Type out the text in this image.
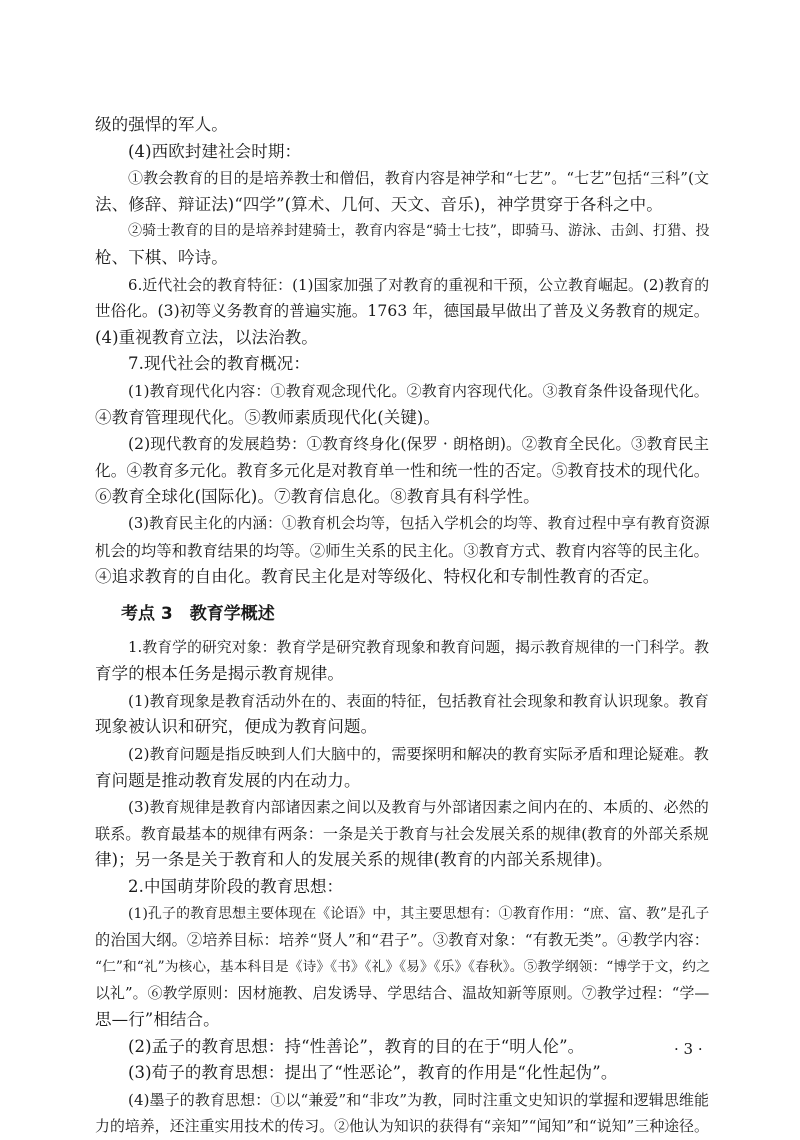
级的强悍的军人。
(4)西欧封建社会时期：
①教会教育的目的是培养教士和僧侣，教育内容是神学和“七艺”。“七艺”包括“三科”(文
法、修辞、辩证法)“四学”(算术、几何、天文、音乐)，神学贯穿于各科之中。
②骑士教育的目的是培养封建骑士，教育内容是“骑士七技”，即骑马、游泳、击剑、打猎、投
枪、下棋、吟诗。
6.近代社会的教育特征：(1)国家加强了对教育的重视和干预，公立教育崛起。(2)教育的
世俗化。(3)初等义务教育的普遍实施。1763 年，德国最早做出了普及义务教育的规定。
(4)重视教育立法，以法治教。
7.现代社会的教育概况：
(1)教育现代化内容：①教育观念现代化。②教育内容现代化。③教育条件设备现代化。
④教育管理现代化。⑤教师素质现代化(关键)。
(2)现代教育的发展趋势：①教育终身化(保罗 · 朗格朗)。②教育全民化。③教育民主
化。④教育多元化。教育多元化是对教育单一性和统一性的否定。⑤教育技术的现代化。
⑥教育全球化(国际化)。⑦教育信息化。⑧教育具有科学性。
(3)教育民主化的内涵：①教育机会均等，包括入学机会的均等、教育过程中享有教育资源
机会的均等和教育结果的均等。②师生关系的民主化。③教育方式、教育内容等的民主化。
④追求教育的自由化。教育民主化是对等级化、特权化和专制性教育的否定。
考点 3　教育学概述
1.教育学的研究对象：教育学是研究教育现象和教育问题，揭示教育规律的一门科学。教
育学的根本任务是揭示教育规律。
(1)教育现象是教育活动外在的、表面的特征，包括教育社会现象和教育认识现象。教育
现象被认识和研究，便成为教育问题。
(2)教育问题是指反映到人们大脑中的，需要探明和解决的教育实际矛盾和理论疑难。教
育问题是推动教育发展的内在动力。
(3)教育规律是教育内部诸因素之间以及教育与外部诸因素之间内在的、本质的、必然的
联系。教育最基本的规律有两条：一条是关于教育与社会发展关系的规律(教育的外部关系规
律)；另一条是关于教育和人的发展关系的规律(教育的内部关系规律)。
2.中国萌芽阶段的教育思想：
(1)孔子的教育思想主要体现在《论语》中，其主要思想有：①教育作用：“庶、富、教”是孔子
的治国大纲。②培养目标：培养“贤人”和“君子”。③教育对象：“有教无类”。④教学内容：
“仁”和“礼”为核心，基本科目是《诗》《书》《礼》《易》《乐》《春秋》。⑤教学纲领：“博学于文，约之
以礼”。⑥教学原则：因材施教、启发诱导、学思结合、温故知新等原则。⑦教学过程：“学—
思—行”相结合。
(2)孟子的教育思想：持“性善论”，教育的目的在于“明人伦”。
(3)荀子的教育思想：提出了“性恶论”，教育的作用是“化性起伪”。
(4)墨子的教育思想：①以“兼爱”和“非攻”为教，同时注重文史知识的掌握和逻辑思维能
力的培养，还注重实用技术的传习。②他认为知识的获得有“亲知”“闻知”和“说知”三种途径。
· 3 ·
